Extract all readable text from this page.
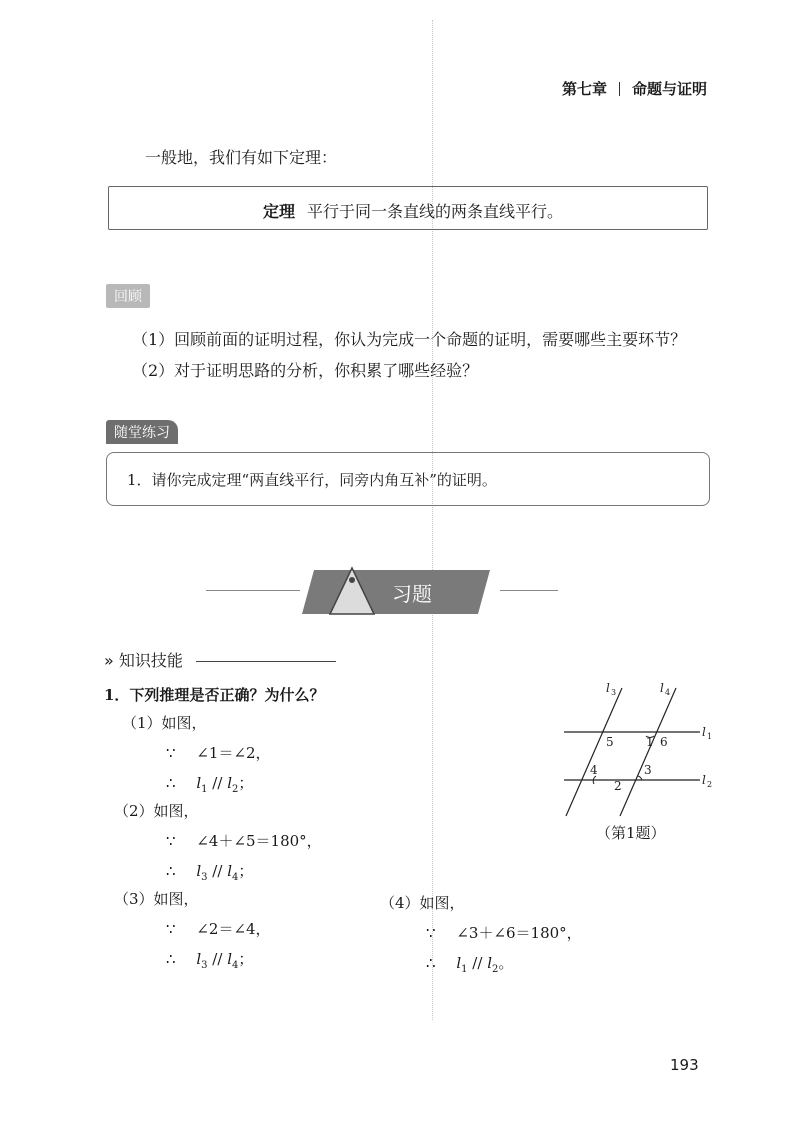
第七章 命题与证明
一般地，我们有如下定理：
定理 平行于同一条直线的两条直线平行。
回顾
（1）回顾前面的证明过程，你认为完成一个命题的证明，需要哪些主要环节？
（2）对于证明思路的分析，你积累了哪些经验？
随堂练习
1．请你完成定理“两直线平行，同旁内角互补”的证明。
习题
» 知识技能
1．下列推理是否正确？为什么？
（1）如图，
∵ ∠1＝∠2，
∴ $l_1 // l_2$；
（2）如图，
∵ ∠4＋∠5＝180°，
∴ $l_3 // l_4$；
（3）如图，
∵ ∠2＝∠4，
∴ $l_3 // l_4$；
（4）如图，
∵ ∠3＋∠6＝180°，
∴ $l_1 // l_2$。
l 3	l 4
l 1
l 2
5	1 6
4	3
2
（第1题）
193
